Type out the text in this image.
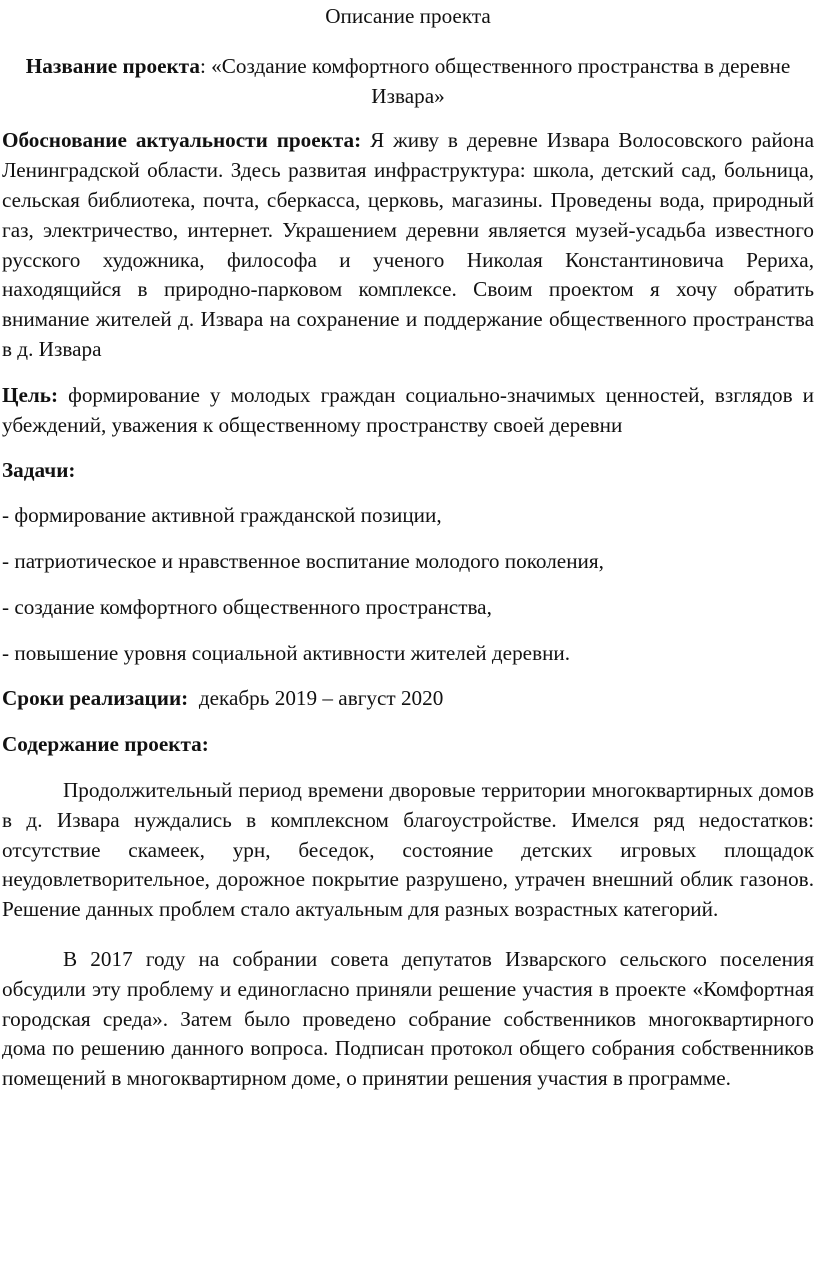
Описание проекта

Название проекта: «Создание комфортного общественного пространства в деревне Извара»

Обоснование актуальности проекта: Я живу в деревне Извара Волосовского района Ленинградской области. Здесь развитая инфраструктура: школа, детский сад, больница, сельская библиотека, почта, сберкасса, церковь, магазины. Проведены вода, природный газ, электричество, интернет. Украшением деревни является музей-усадьба известного русского художника, философа и ученого Николая Константиновича Рериха, находящийся в природно-парковом комплексе. Своим проектом я хочу обратить внимание жителей д. Извара на сохранение и поддержание общественного пространства в д. Извара

Цель: формирование у молодых граждан социально-значимых ценностей, взглядов и убеждений, уважения к общественному пространству своей деревни

Задачи:

- формирование активной гражданской позиции,

- патриотическое и нравственное воспитание молодого поколения,

- создание комфортного общественного пространства,

- повышение уровня социальной активности жителей деревни.

Сроки реализации:  декабрь 2019 – август 2020

Содержание проекта:

Продолжительный период времени дворовые территории многоквартирных домов в д. Извара нуждались в комплексном благоустройстве. Имелся ряд недостатков: отсутствие скамеек, урн, беседок, состояние детских игровых площадок неудовлетворительное, дорожное покрытие разрушено, утрачен внешний облик газонов. Решение данных проблем стало актуальным для разных возрастных категорий.

В 2017 году на собрании совета депутатов Изварского сельского поселения обсудили эту проблему и единогласно приняли решение участия в проекте «Комфортная городская среда». Затем было проведено собрание собственников многоквартирного дома по решению данного вопроса. Подписан протокол общего собрания собственников помещений в многоквартирном доме, о принятии решения участия в программе.
